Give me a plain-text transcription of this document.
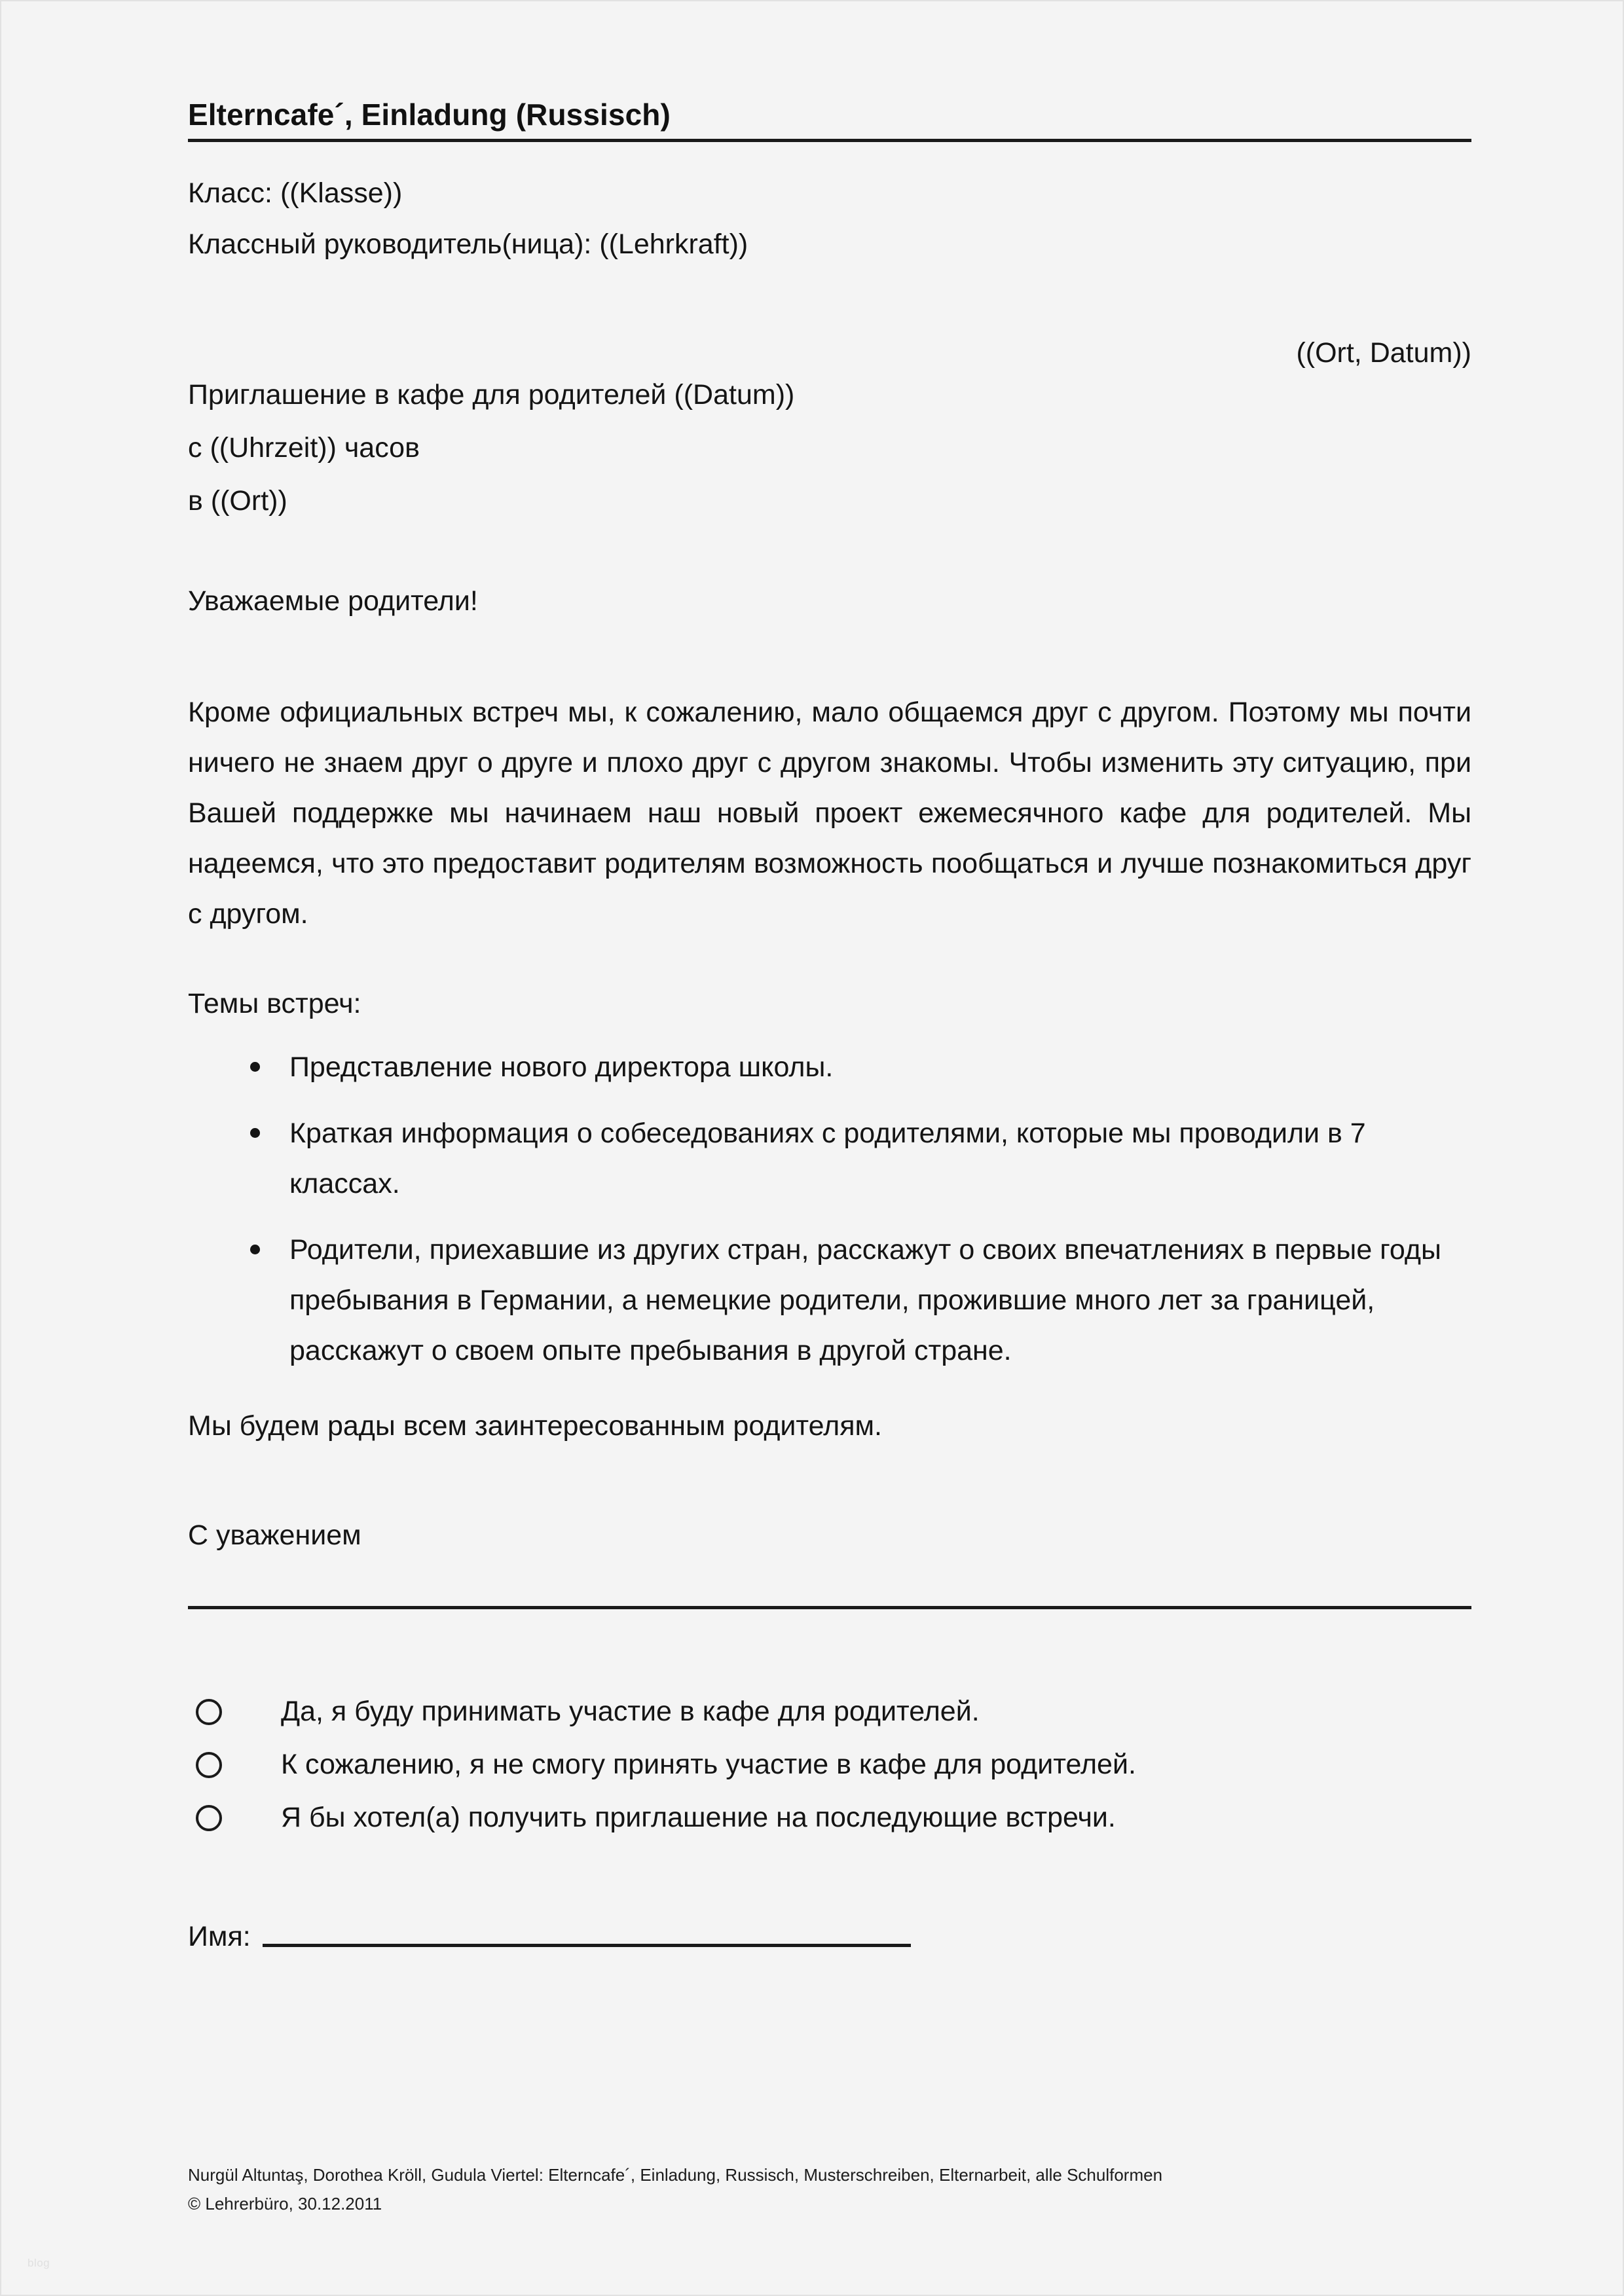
Elterncafe´, Einladung (Russisch)
Класс: ((Klasse))
Классный руководитель(ница): ((Lehrkraft))
((Ort, Datum))
Приглашение в кафе для родителей ((Datum))
с ((Uhrzeit)) часов
в ((Ort))
Уважаемые родители!
Кроме официальных встреч мы, к сожалению, мало общаемся друг с другом. Поэтому мы почти ничего не знаем друг о друге и плохо друг с другом знакомы. Чтобы изменить эту ситуацию, при Вашей поддержке мы начинаем наш новый проект ежемесячного кафе для родителей. Мы надеемся, что это предоставит родителям возможность пообщаться и лучше познакомиться друг с другом.
Темы встреч:
Представление нового директора школы.
Краткая информация о собеседованиях с родителями, которые мы проводили в 7 классах.
Родители, приехавшие из других стран, расскажут о своих впечатлениях в первые годы пребывания в Германии, а немецкие родители, прожившие много лет за границей, расскажут о своем опыте пребывания в другой стране.
Мы будем рады всем заинтересованным родителям.
С уважением
Да, я буду принимать участие в кафе для родителей.
К сожалению, я не смогу принять участие в кафе для родителей.
Я бы хотел(а) получить приглашение на последующие встречи.
Имя:
Nurgül Altuntaş, Dorothea Kröll, Gudula Viertel: Elterncafe´, Einladung, Russisch, Musterschreiben, Elternarbeit, alle Schulformen
© Lehrerbüro, 30.12.2011
blog
